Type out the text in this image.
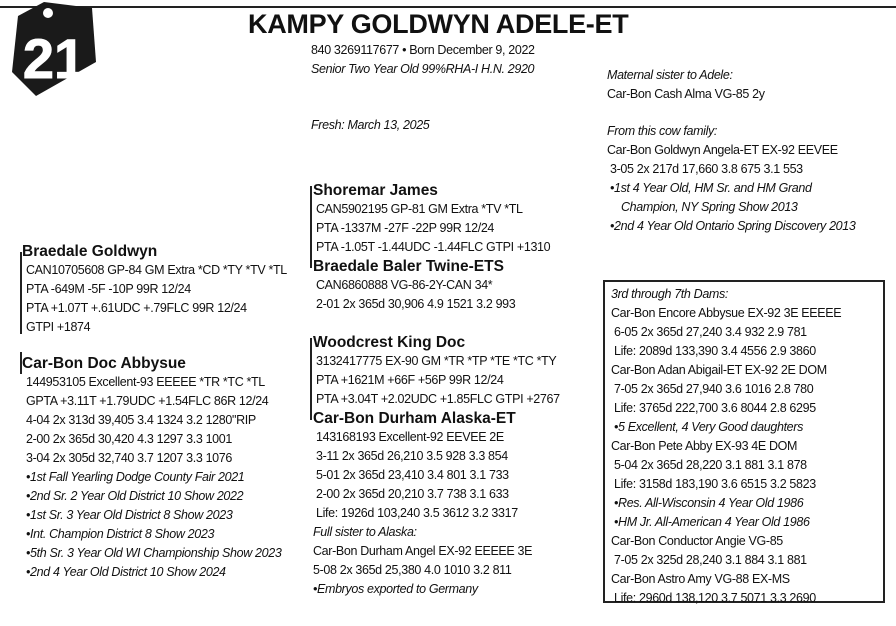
21
KAMPY GOLDWYN ADELE-ET
840 3269117677 • Born December 9, 2022
Senior Two Year Old 99%RHA-I H.N. 2920
Fresh: March 13, 2025
Maternal sister to Adele:
Car-Bon Cash Alma VG-85 2y
From this cow family:
Car-Bon Goldwyn Angela-ET EX-92 EEVEE
3-05 2x 217d 17,660 3.8 675 3.1 553
•1st 4 Year Old, HM Sr. and HM Grand
Champion, NY Spring Show 2013
•2nd 4 Year Old Ontario Spring Discovery 2013
Braedale Goldwyn
CAN10705608 GP-84 GM Extra *CD *TY *TV *TL
PTA -649M -5F -10P 99R 12/24
PTA +1.07T +.61UDC +.79FLC 99R 12/24
GTPI +1874
Car-Bon Doc Abbysue
144953105 Excellent-93 EEEEE *TR *TC *TL
GPTA +3.11T +1.79UDC +1.54FLC 86R 12/24
4-04 2x 313d 39,405 3.4 1324 3.2 1280"RIP
2-00 2x 365d 30,420 4.3 1297 3.3 1001
3-04 2x 305d 32,740 3.7 1207 3.3 1076
•1st Fall Yearling Dodge County Fair 2021
•2nd Sr. 2 Year Old District 10 Show 2022
•1st Sr. 3 Year Old District 8 Show 2023
•Int. Champion District 8 Show 2023
•5th Sr. 3 Year Old WI Championship Show 2023
•2nd 4 Year Old District 10 Show 2024
Shoremar James
CAN5902195 GP-81 GM Extra *TV *TL
PTA -1337M -27F -22P 99R 12/24
PTA -1.05T -1.44UDC -1.44FLC GTPI +1310
Braedale Baler Twine-ETS
CAN6860888 VG-86-2Y-CAN 34*
2-01 2x 365d 30,906 4.9 1521 3.2 993
Woodcrest King Doc
3132417775 EX-90 GM *TR *TP *TE *TC *TY
PTA +1621M +66F +56P 99R 12/24
PTA +3.04T +2.02UDC +1.85FLC GTPI +2767
Car-Bon Durham Alaska-ET
143168193 Excellent-92 EEVEE 2E
3-11 2x 365d 26,210 3.5 928 3.3 854
5-01 2x 365d 23,410 3.4 801 3.1 733
2-00 2x 365d 20,210 3.7 738 3.1 633
Life: 1926d 103,240 3.5 3612 3.2 3317
Full sister to Alaska:
Car-Bon Durham Angel EX-92 EEEEE 3E
5-08 2x 365d 25,380 4.0 1010 3.2 811
•Embryos exported to Germany
3rd through 7th Dams:
Car-Bon Encore Abbysue EX-92 3E EEEEE
6-05 2x 365d 27,240 3.4 932 2.9 781
Life: 2089d 133,390 3.4 4556 2.9 3860
Car-Bon Adan Abigail-ET EX-92 2E DOM
7-05 2x 365d 27,940 3.6 1016 2.8 780
Life: 3765d 222,700 3.6 8044 2.8 6295
•5 Excellent, 4 Very Good daughters
Car-Bon Pete Abby EX-93 4E DOM
5-04 2x 365d 28,220 3.1 881 3.1 878
Life: 3158d 183,190 3.6 6515 3.2 5823
•Res. All-Wisconsin 4 Year Old 1986
•HM Jr. All-American 4 Year Old 1986
Car-Bon Conductor Angie VG-85
7-05 2x 325d 28,240 3.1 884 3.1 881
Car-Bon Astro Amy VG-88 EX-MS
Life: 2960d 138,120 3.7 5071 3.3 2690
